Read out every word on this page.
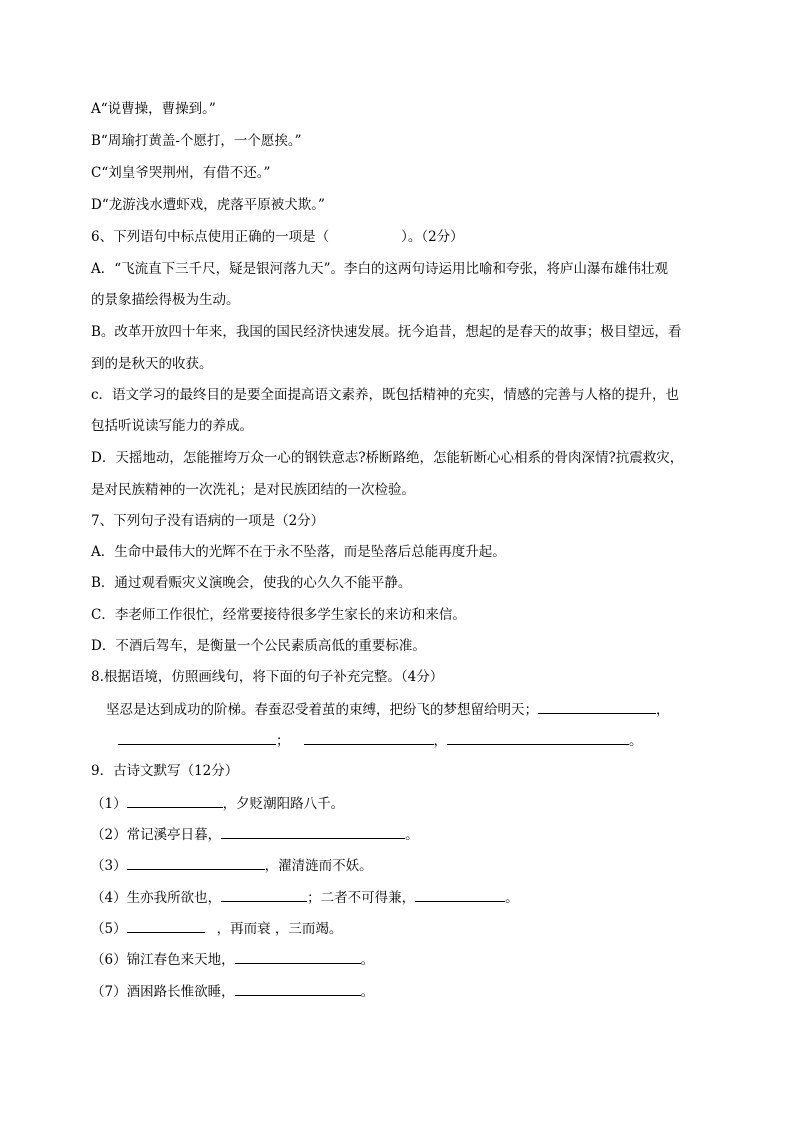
A“说曹操，曹操到。”
B“周瑜打黄盖-个愿打，一个愿挨。”
C“刘皇爷哭荆州，有借不还。”
D“龙游浅水遭虾戏，虎落平原被犬欺。”
6、下列语句中标点使用正确的一项是（	）。（2分）
A．“飞流直下三千尺，疑是银河落九天”。李白的这两句诗运用比喻和夸张，将庐山瀑布雄伟壮观
的景象描绘得极为生动。
B。改革开放四十年来，我国的国民经济快速发展。抚今追昔，想起的是春天的故事；极目望远，看
到的是秋天的收获。
c．语文学习的最终目的是要全面提高语文素养，既包括精神的充实，情感的完善与人格的提升，也
包括听说读写能力的养成。
D．天摇地动，怎能摧垮万众一心的钢铁意志?桥断路绝，怎能斩断心心相系的骨肉深情?抗震救灾，
是对民族精神的一次洗礼；是对民族团结的一次检验。
7、下列句子没有语病的一项是（2分）
A．生命中最伟大的光辉不在于永不坠落，而是坠落后总能再度升起。
B．通过观看赈灾义演晚会，使我的心久久不能平静。
C．李老师工作很忙，经常要接待很多学生家长的来访和来信。
D．不酒后驾车，是衡量一个公民素质高低的重要标准。
8.根据语境，仿照画线句，将下面的句子补充完整。（4分）
坚忍是达到成功的阶梯。春蚕忍受着茧的束缚，把纷飞的梦想留给明天；	，
；	，	。
9．古诗文默写（12分）
（1）	，夕贬潮阳路八千。
（2）常记溪亭日暮，	。
（3）	，濯清涟而不妖。
（4）生亦我所欲也，	；二者不可得兼，	。
（5）	，再而衰 ，三而竭。
（6）锦江春色来天地，	。
（7）酒困路长惟欲睡，	。
